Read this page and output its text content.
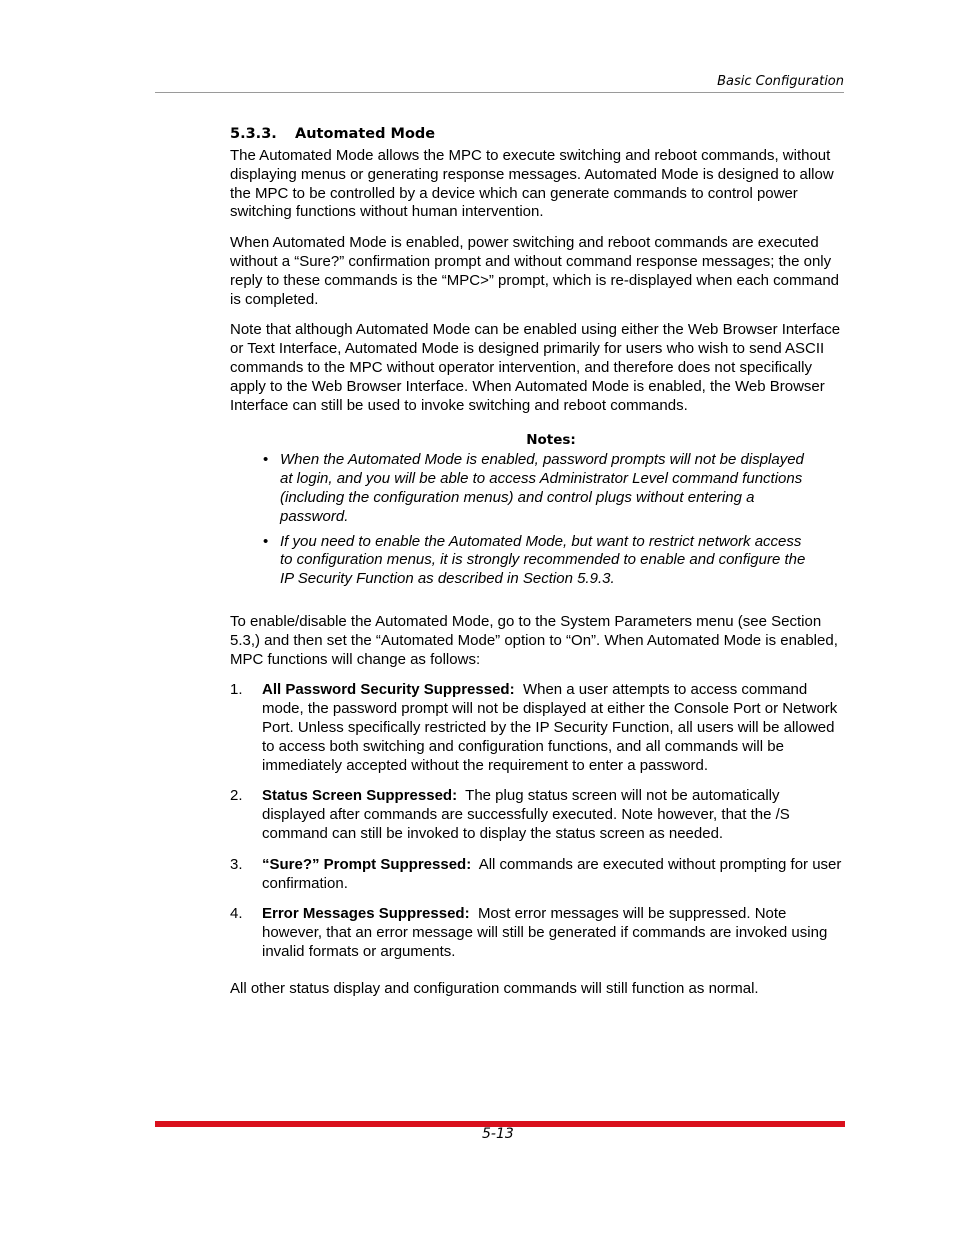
Basic Configuration
5.3.3. Automated Mode

The Automated Mode allows the MPC to execute switching and reboot commands, without displaying menus or generating response messages. Automated Mode is designed to allow the MPC to be controlled by a device which can generate commands to control power switching functions without human intervention.

When Automated Mode is enabled, power switching and reboot commands are executed without a “Sure?” confirmation prompt and without command response messages; the only reply to these commands is the “MPC>” prompt, which is re-displayed when each command is completed.

Note that although Automated Mode can be enabled using either the Web Browser Interface or Text Interface, Automated Mode is designed primarily for users who wish to send ASCII commands to the MPC without operator intervention, and therefore does not specifically apply to the Web Browser Interface. When Automated Mode is enabled, the Web Browser Interface can still be used to invoke switching and reboot commands.

Notes:
• When the Automated Mode is enabled, password prompts will not be displayed at login, and you will be able to access Administrator Level command functions (including the configuration menus) and control plugs without entering a password.
• If you need to enable the Automated Mode, but want to restrict network access to configuration menus, it is strongly recommended to enable and configure the IP Security Function as described in Section 5.9.3.

To enable/disable the Automated Mode, go to the System Parameters menu (see Section 5.3,) and then set the “Automated Mode” option to “On”. When Automated Mode is enabled, MPC functions will change as follows:

1. All Password Security Suppressed: When a user attempts to access command mode, the password prompt will not be displayed at either the Console Port or Network Port. Unless specifically restricted by the IP Security Function, all users will be allowed to access both switching and configuration functions, and all commands will be immediately accepted without the requirement to enter a password.
2. Status Screen Suppressed: The plug status screen will not be automatically displayed after commands are successfully executed. Note however, that the /S command can still be invoked to display the status screen as needed.
3. “Sure?” Prompt Suppressed: All commands are executed without prompting for user confirmation.
4. Error Messages Suppressed: Most error messages will be suppressed. Note however, that an error message will still be generated if commands are invoked using invalid formats or arguments.

All other status display and configuration commands will still function as normal.

5-13
